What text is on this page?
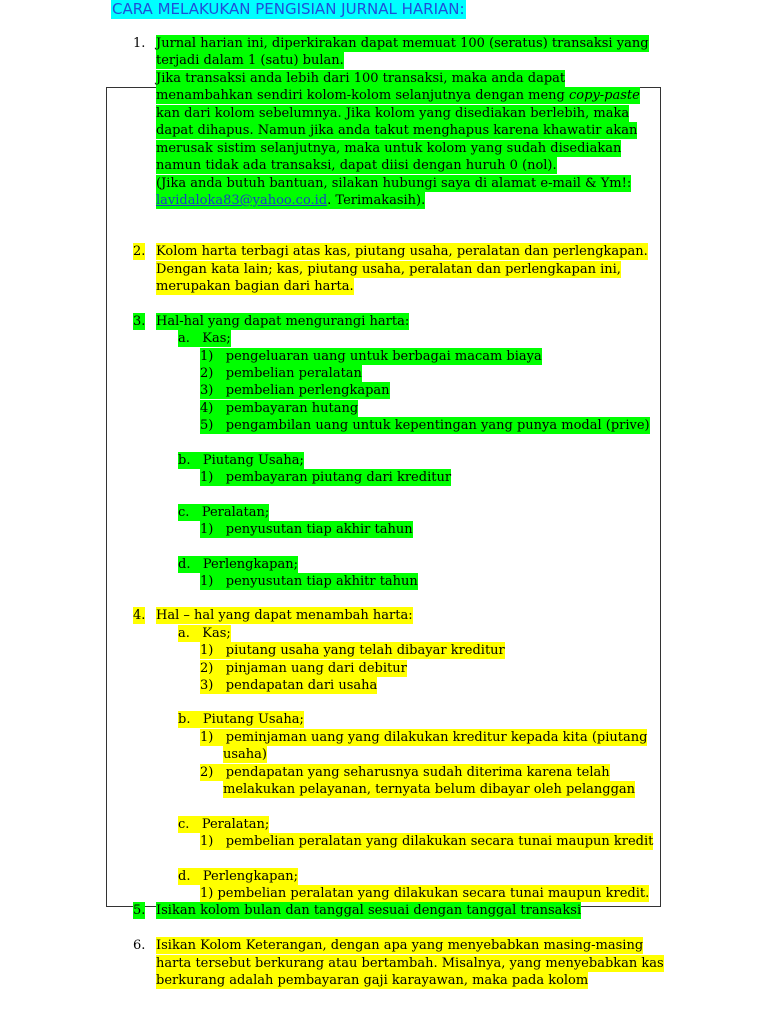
CARA MELAKUKAN PENGISIAN JURNAL HARIAN:
1. Jurnal harian ini, diperkirakan dapat memuat 100 (seratus) transaksi yang
terjadi dalam 1 (satu) bulan.
Jika transaksi anda lebih dari 100 transaksi, maka anda dapat
menambahkan sendiri kolom-kolom selanjutnya dengan meng copy-paste
kan dari kolom sebelumnya. Jika kolom yang disediakan berlebih, maka
dapat dihapus. Namun jika anda takut menghapus karena khawatir akan
merusak sistim selanjutnya, maka untuk kolom yang sudah disediakan
namun tidak ada transaksi, dapat diisi dengan huruh 0 (nol).
(Jika anda butuh bantuan, silakan hubungi saya di alamat e-mail & Ym!:
lavidaloka83@yahoo.co.id. Terimakasih).
2. Kolom harta terbagi atas kas, piutang usaha, peralatan dan perlengkapan.
Dengan kata lain; kas, piutang usaha, peralatan dan perlengkapan ini,
merupakan bagian dari harta.
3. Hal-hal yang dapat mengurangi harta:
a. Kas;
1) pengeluaran uang untuk berbagai macam biaya
2) pembelian peralatan
3) pembelian perlengkapan
4) pembayaran hutang
5) pengambilan uang untuk kepentingan yang punya modal (prive)
b. Piutang Usaha;
1) pembayaran piutang dari kreditur
c. Peralatan;
1) penyusutan tiap akhir tahun
d. Perlengkapan;
1) penyusutan tiap akhitr tahun
4. Hal – hal yang dapat menambah harta:
a. Kas;
1) piutang usaha yang telah dibayar kreditur
2) pinjaman uang dari debitur
3) pendapatan dari usaha
b. Piutang Usaha;
1) peminjaman uang yang dilakukan kreditur kepada kita (piutang
usaha)
2) pendapatan yang seharusnya sudah diterima karena telah
melakukan pelayanan, ternyata belum dibayar oleh pelanggan
c. Peralatan;
1) pembelian peralatan yang dilakukan secara tunai maupun kredit
d. Perlengkapan;
1) pembelian peralatan yang dilakukan secara tunai maupun kredit.
5. Isikan kolom bulan dan tanggal sesuai dengan tanggal transaksi
6. Isikan Kolom Keterangan, dengan apa yang menyebabkan masing-masing
harta tersebut berkurang atau bertambah. Misalnya, yang menyebabkan kas
berkurang adalah pembayaran gaji karayawan, maka pada kolom
